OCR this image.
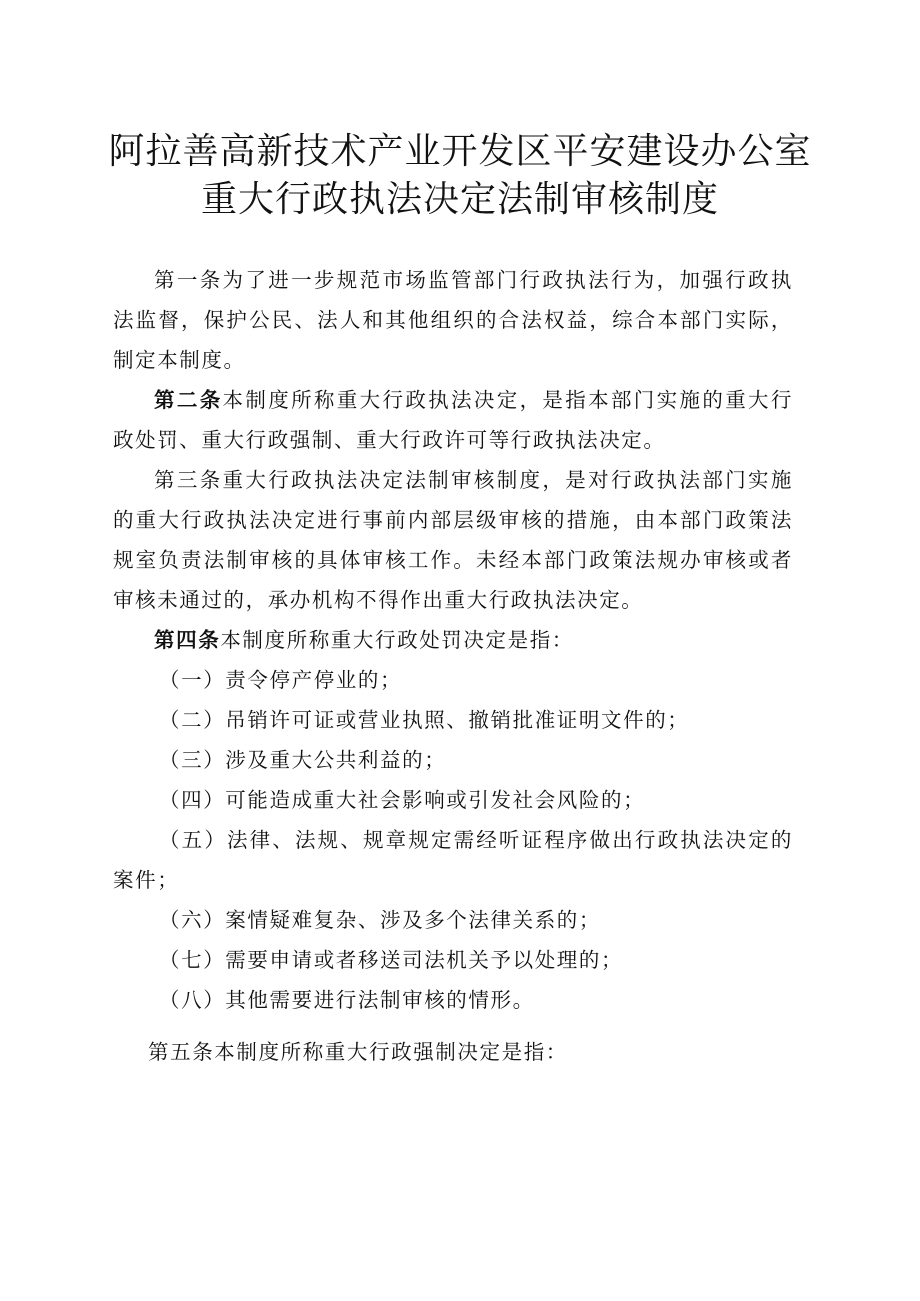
阿拉善高新技术产业开发区平安建设办公室
重大行政执法决定法制审核制度

第一条为了进一步规范市场监管部门行政执法行为，加强行政执法监督，保护公民、法人和其他组织的合法权益，综合本部门实际，制定本制度。

第二条本制度所称重大行政执法决定，是指本部门实施的重大行政处罚、重大行政强制、重大行政许可等行政执法决定。

第三条重大行政执法决定法制审核制度，是对行政执法部门实施的重大行政执法决定进行事前内部层级审核的措施，由本部门政策法规室负责法制审核的具体审核工作。未经本部门政策法规办审核或者审核未通过的，承办机构不得作出重大行政执法决定。

第四条本制度所称重大行政处罚决定是指：

（一）责令停产停业的；

（二）吊销许可证或营业执照、撤销批准证明文件的；

（三）涉及重大公共利益的；

（四）可能造成重大社会影响或引发社会风险的；

（五）法律、法规、规章规定需经听证程序做出行政执法决定的案件；

（六）案情疑难复杂、涉及多个法律关系的；

（七）需要申请或者移送司法机关予以处理的；

（八）其他需要进行法制审核的情形。

第五条本制度所称重大行政强制决定是指：
